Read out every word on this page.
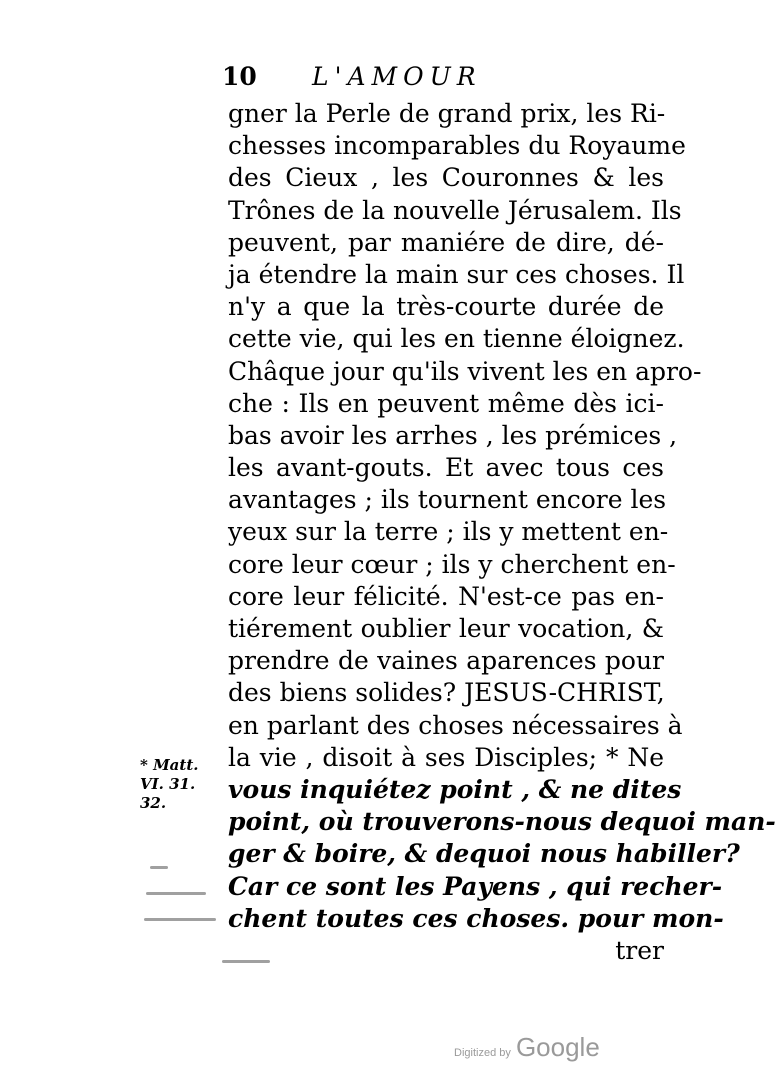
10 L'AMOUR
gner la Perle de grand prix, les Ri-
chesses incomparables du Royaume
des Cieux , les Couronnes & les
Trônes de la nouvelle Jérusalem. Ils
peuvent, par maniére de dire, dé-
ja étendre la main sur ces choses. Il
n'y a que la très-courte durée de
cette vie, qui les en tienne éloignez.
Châque jour qu'ils vivent les en apro-
che : Ils en peuvent même dès ici-
bas avoir les arrhes , les prémices ,
les avant-gouts. Et avec tous ces
avantages ; ils tournent encore les
yeux sur la terre ; ils y mettent en-
core leur cœur ; ils y cherchent en-
core leur félicité. N'est-ce pas en-
tiérement oublier leur vocation, &
prendre de vaines aparences pour
des biens solides? JESUS-CHRIST,
en parlant des choses nécessaires à
la vie , disoit à ses Disciples; * Ne
vous inquiétez point , & ne dites
point, où trouverons-nous dequoi man-
ger & boire, & dequoi nous habiller?
Car ce sont les Payens , qui recher-
chent toutes ces choses. pour mon-
trer
* Matt.
VI. 31.
32.
Digitized by Google
